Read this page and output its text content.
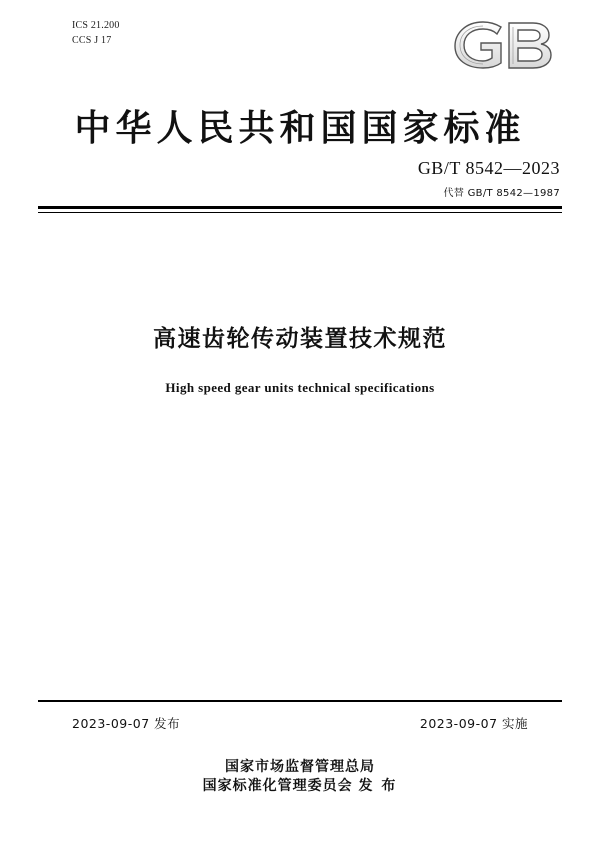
ICS 21.200
CCS J 17
中华人民共和国国家标准
GB/T 8542—2023
代替 GB/T 8542—1987
高速齿轮传动装置技术规范
High speed gear units technical specifications
2023-09-07 发布	2023-09-07 实施
国家市场监督管理总局
国家标准化管理委员会 发 布
